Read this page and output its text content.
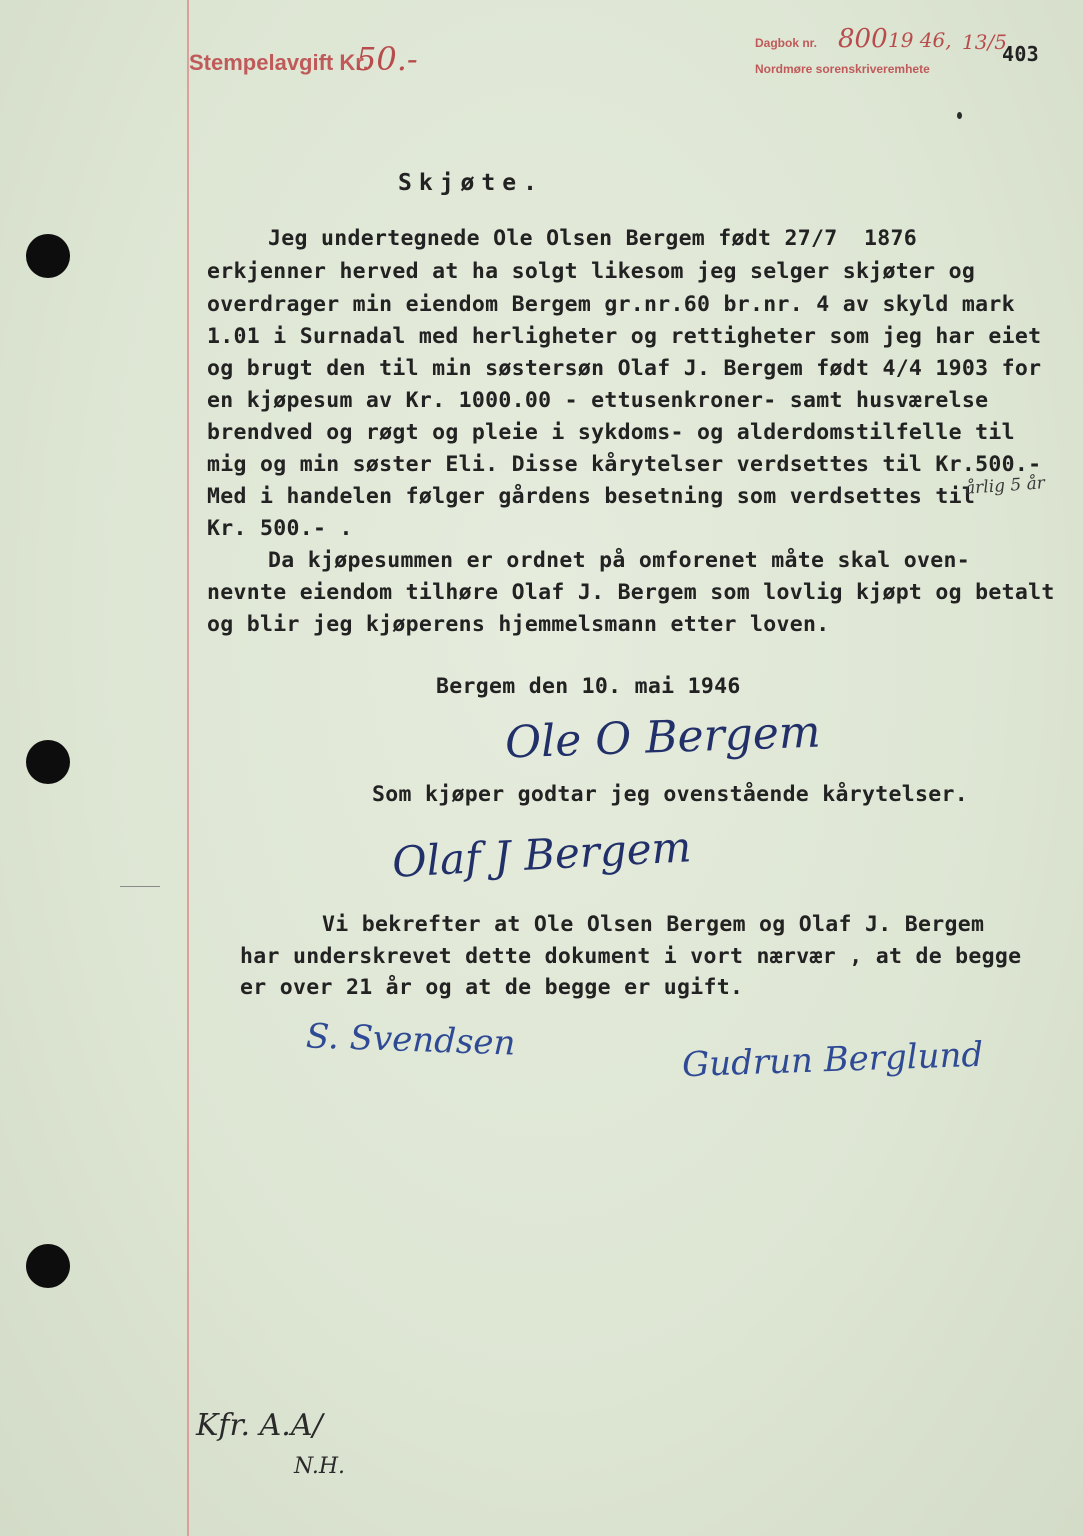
Stempelavgift Kr.
50.-	Dagbok nr. 800 19 46, 13/5
403
Nordmøre sorenskriveremhete
Skjøte.
Jeg undertegnede Ole Olsen Bergem født 27/7  1876
erkjenner herved at ha solgt likesom jeg selger skjøter og
overdrager min eiendom Bergem gr.nr.60 br.nr. 4 av skyld mark
1.01 i Surnadal med herligheter og rettigheter som jeg har eiet
og brugt den til min søstersøn Olaf J. Bergem født 4/4 1903 for
en kjøpesum av Kr. 1000.00 - ettusenkroner- samt husværelse
brendved og røgt og pleie i sykdoms- og alderdomstilfelle til
mig og min søster Eli. Disse kårytelser verdsettes til Kr.500.-
Med i handelen følger gårdens besetning som verdsettes til
Kr. 500.- .
Da kjøpesummen er ordnet på omforenet måte skal oven-
nevnte eiendom tilhøre Olaf J. Bergem som lovlig kjøpt og betalt
og blir jeg kjøperens hjemmelsmann etter loven.
årlig 5 år
Bergem den 10. mai 1946
Ole O Bergem
Som kjøper godtar jeg ovenstående kårytelser.
Olaf J Bergem
Vi bekrefter at Ole Olsen Bergem og Olaf J. Bergem
har underskrevet dette dokument i vort nærvær , at de begge
er over 21 år og at de begge er ugift.
S. Svendsen	Gudrun Berglund
Kfr. A.A/
N.H.
